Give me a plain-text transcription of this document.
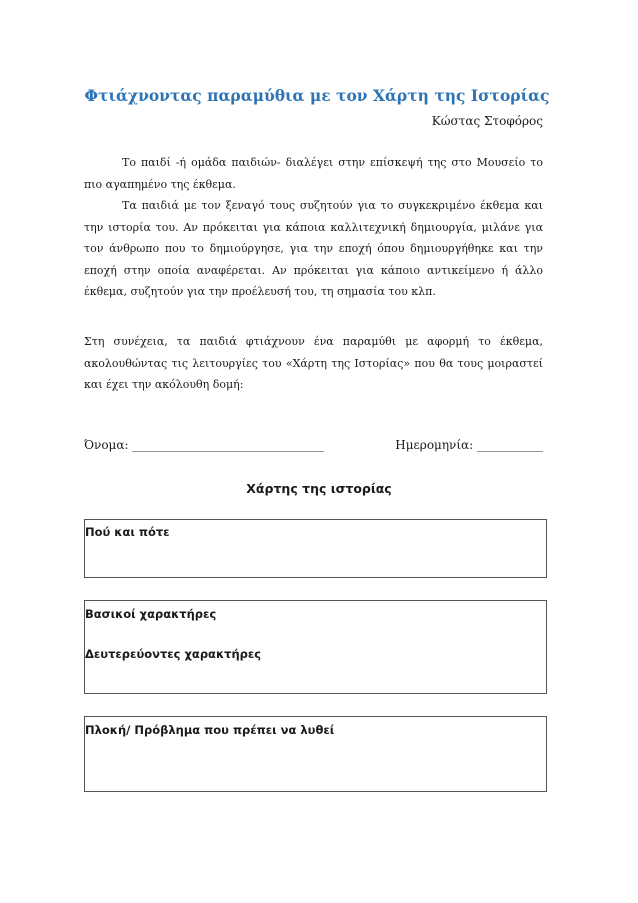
Φτιάχνοντας παραμύθια με τον Χάρτη της Ιστορίας
Κώστας Στοφόρος

Το παιδί -ή ομάδα παιδιών- διαλέγει στην επίσκεψή της στο Μουσείο το πιο αγαπημένο της έκθεμα.

Τα παιδιά με τον ξεναγό τους συζητούν για το συγκεκριμένο έκθεμα και την ιστορία του. Αν πρόκειται για κάποια καλλιτεχνική δημιουργία, μιλάνε για τον άνθρωπο που το δημιούργησε, για την εποχή όπου δημιουργήθηκε και την εποχή στην οποία αναφέρεται. Αν πρόκειται για κάποιο αντικείμενο ή άλλο έκθεμα, συζητούν για την προέλευσή του, τη σημασία του κλπ.

Στη συνέχεια, τα παιδιά φτιάχνουν ένα παραμύθι με αφορμή το έκθεμα, ακολουθώντας τις λειτουργίες του «Χάρτη της Ιστορίας» που θα τους μοιραστεί και έχει την ακόλουθη δομή:

Όνομα: ________________________________	Ημερομηνία: ___________
Χάρτης της ιστορίας
Πού και πότε
Βασικοί χαρακτήρες
Δευτερεύοντες χαρακτήρες
Πλοκή/ Πρόβλημα που πρέπει να λυθεί
